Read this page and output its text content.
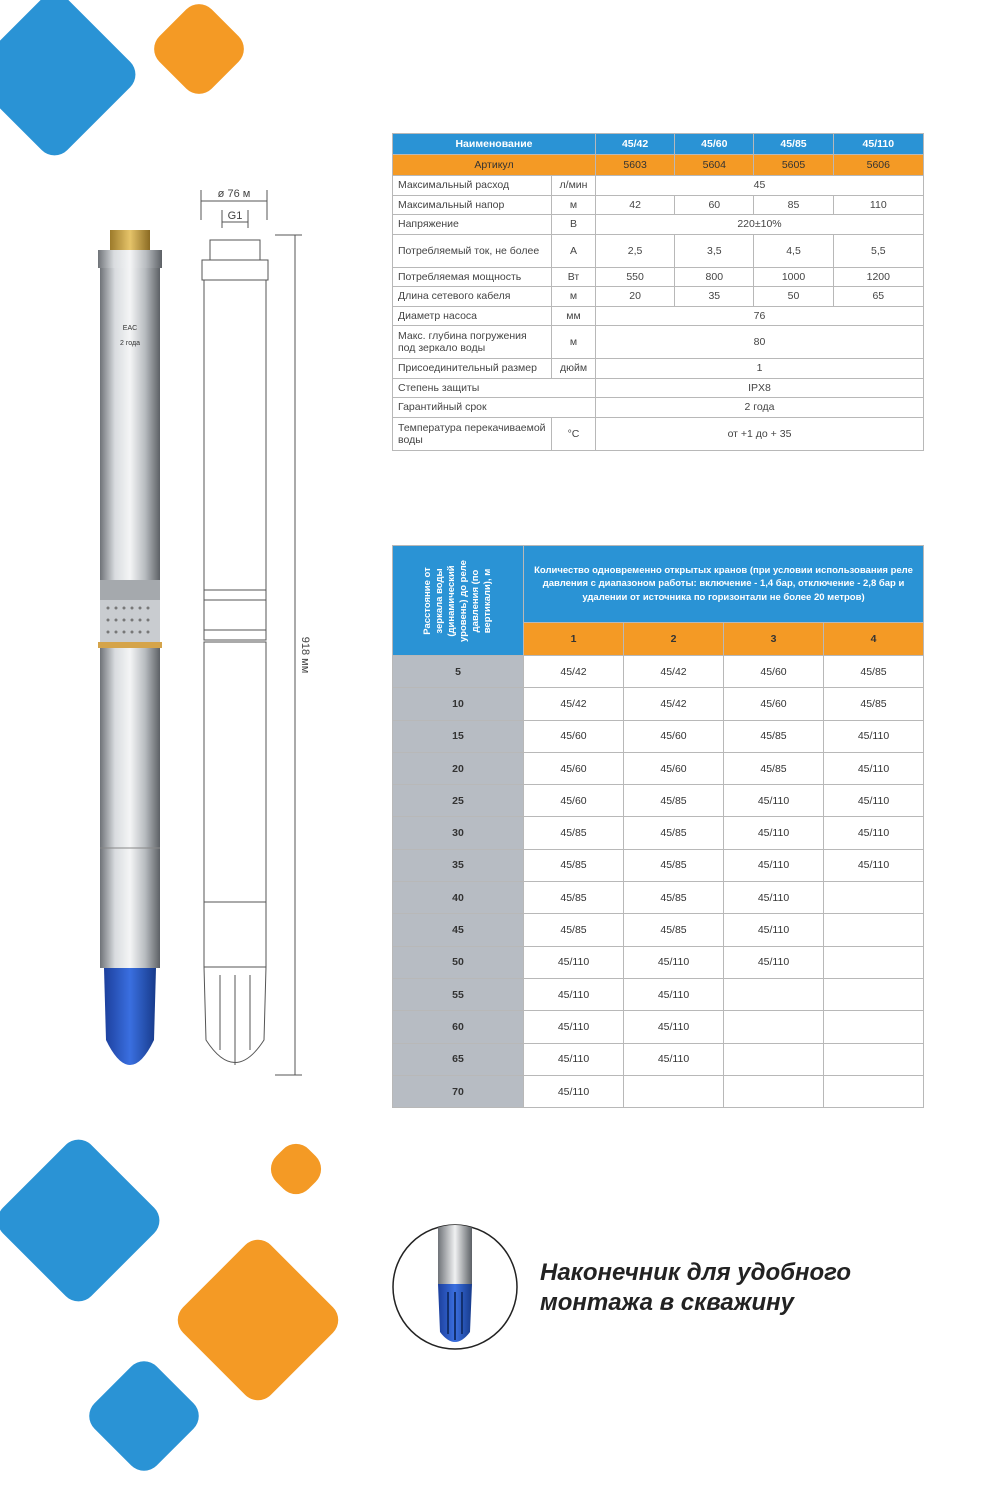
EAC
2 года
ø 76 м
G1
918 мм
Наименование		45/42	45/60	45/85	45/110
Артикул		5603	5604	5605	5606
Максимальный расход	л/мин	45			
Максимальный напор	м	42	60	85	110
Напряжение	В	220±10%			
Потребляемый ток, не более	А	2,5	3,5	4,5	5,5
Потребляемая мощность	Вт	550	800	1000	1200
Длина сетевого кабеля	м	20	35	50	65
Диаметр насоса	мм	76			
Макс. глубина погружения под зеркало воды	м	80			
Присоединительный размер	дюйм	1			
Степень защиты		IPX8			
Гарантийный срок		2 года			
Температура перекачиваемой воды	°С	от +1 до + 35			
Расстояние от зеркала воды (динамический уровень) до реле давления (по вертикали), м	Количество одновременно открытых кранов (при условии использования реле давления с диапазоном работы: включение - 1,4 бар, отключение - 2,8 бар и удалении от источника по горизонтали не более 20 метров)			
	1	2	3	4
5	45/42	45/42	45/60	45/85
10	45/42	45/42	45/60	45/85
15	45/60	45/60	45/85	45/110
20	45/60	45/60	45/85	45/110
25	45/60	45/85	45/110	45/110
30	45/85	45/85	45/110	45/110
35	45/85	45/85	45/110	45/110
40	45/85	45/85	45/110	
45	45/85	45/85	45/110	
50	45/110	45/110	45/110	
55	45/110	45/110		
60	45/110	45/110		
65	45/110	45/110		
70	45/110			
Наконечник для удобного
монтажа в скважину
